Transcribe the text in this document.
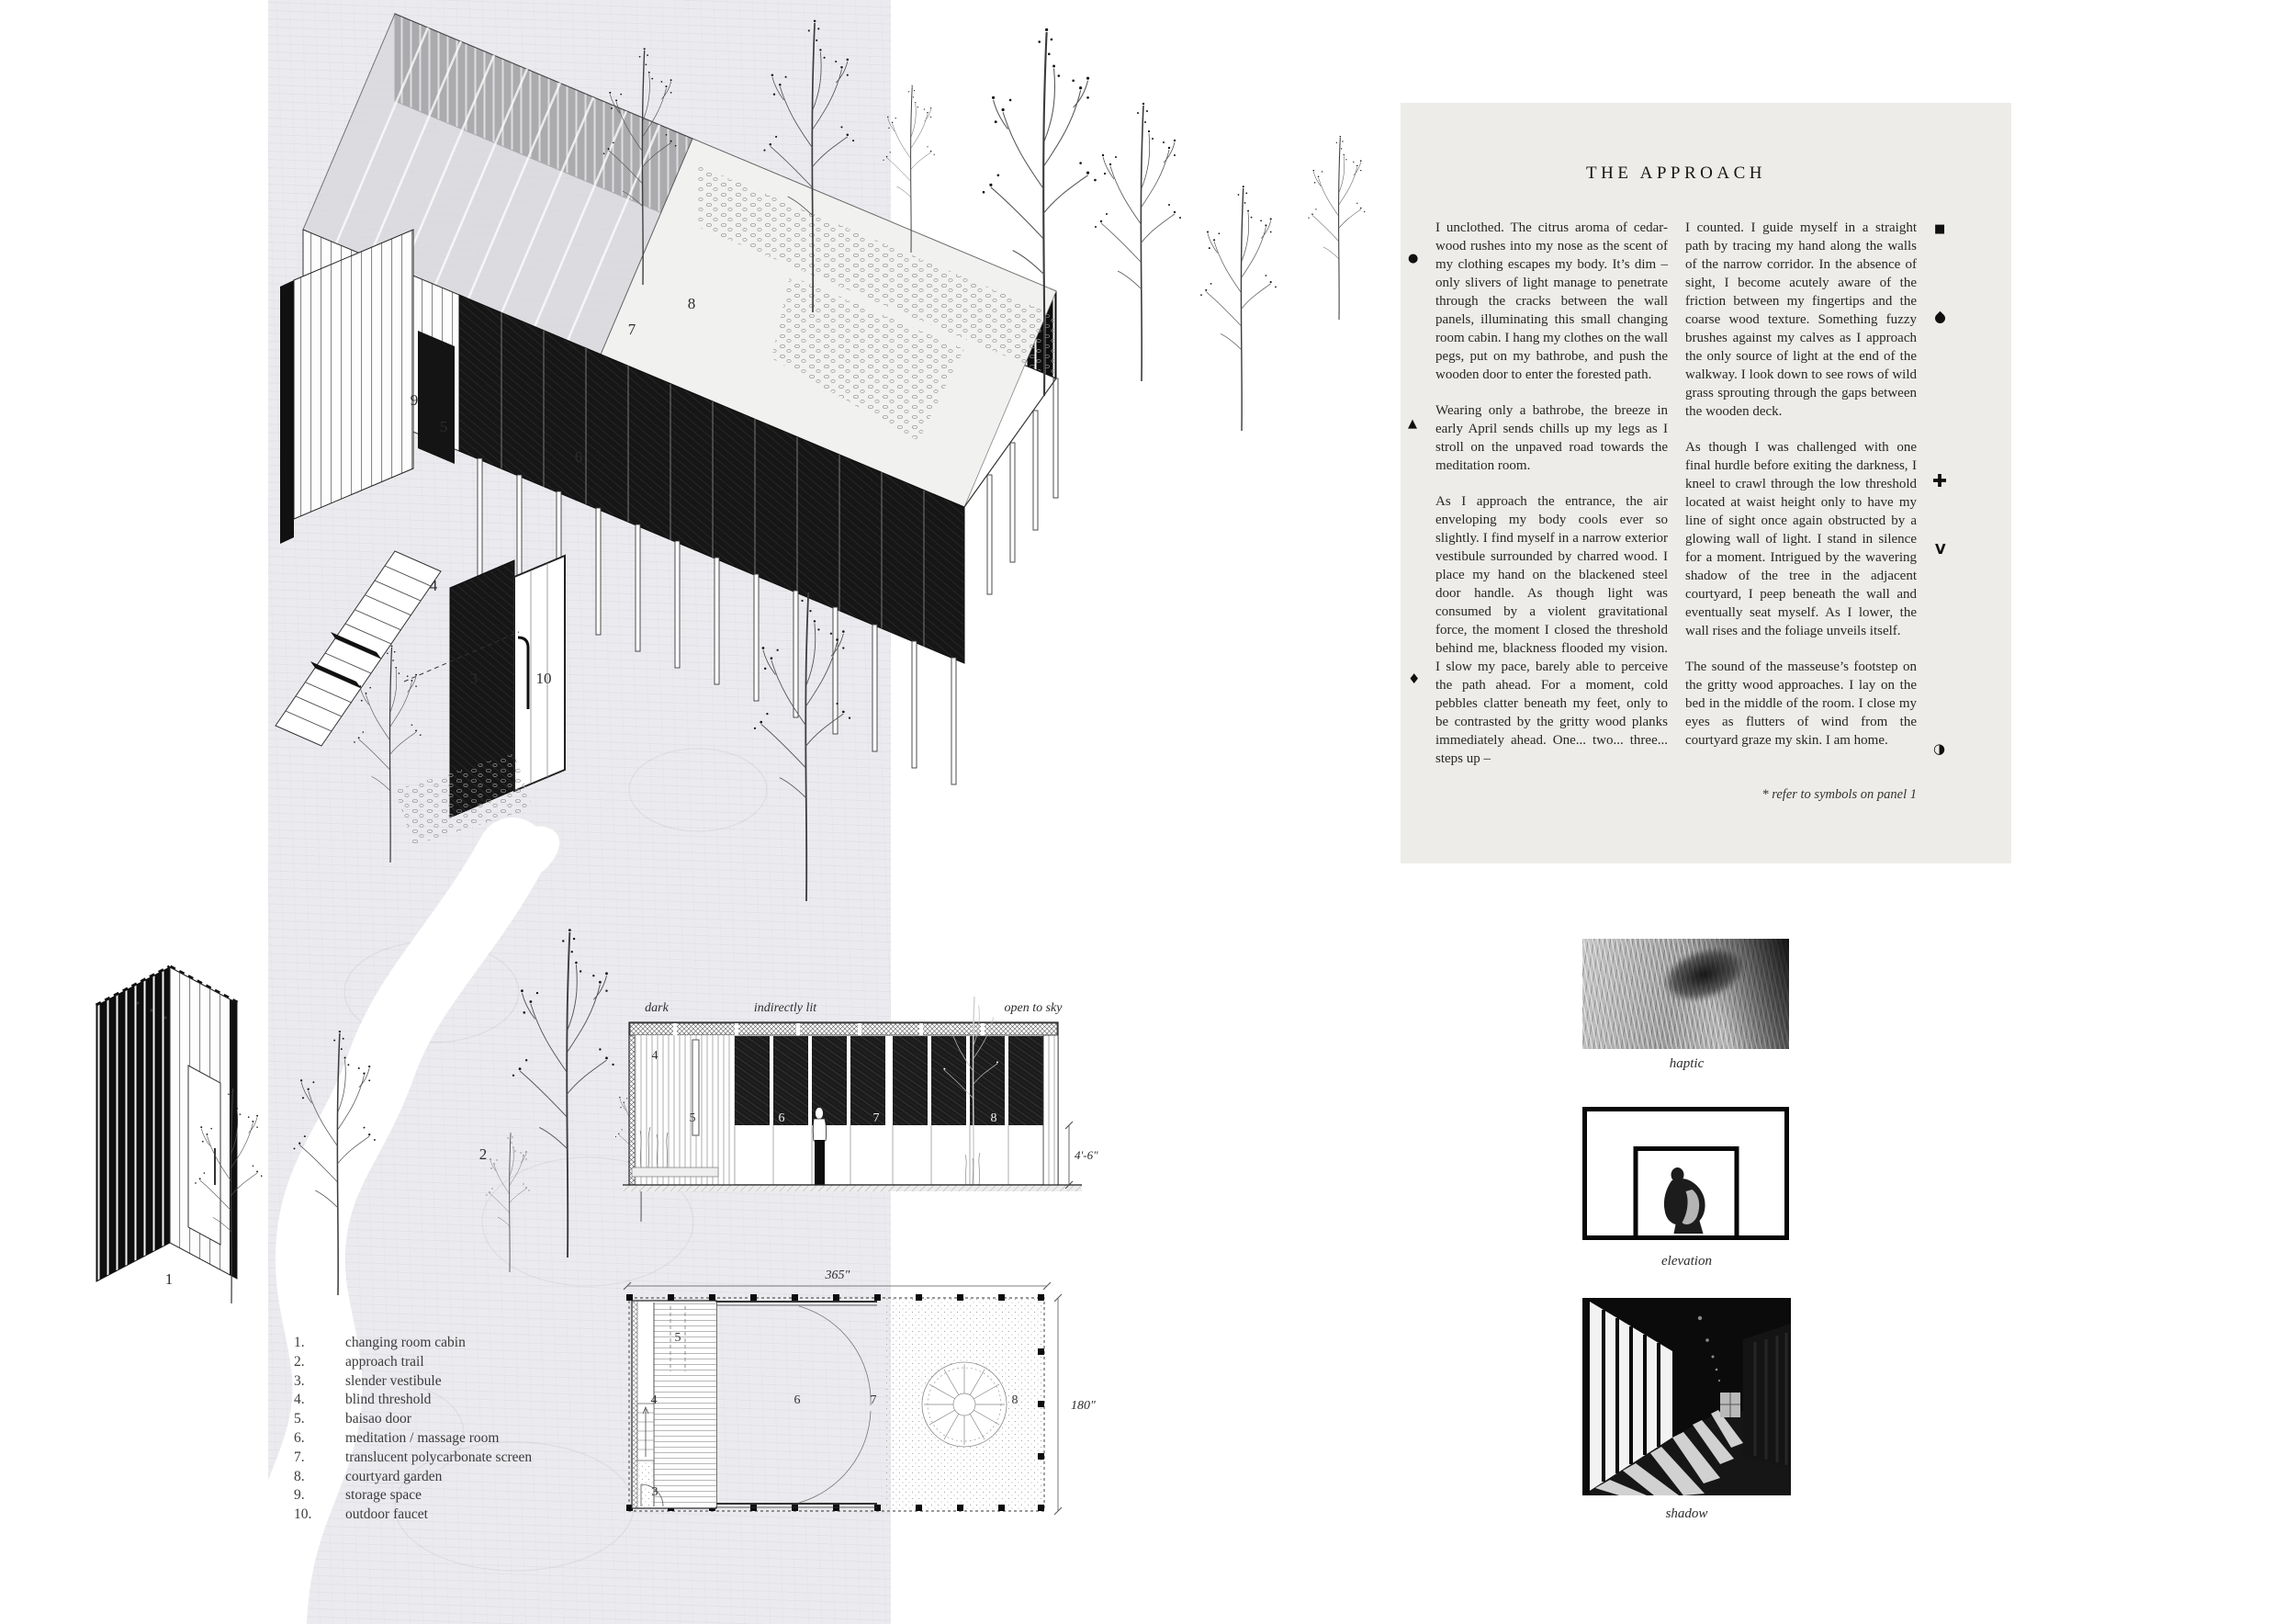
9
5
6
7
8
4
3	10
1
2
dark	indirectly lit	open to sky
4
5	6	7	8
4'-6"
365"
5
4
3
6	7	8	180"
1.	changing room cabin
2.	approach trail
3.	slender vestibule
4.	blind threshold
5.	baisao door
6.	meditation / massage room
7.	translucent polycarbonate screen
8.	courtyard garden
9.	storage space
10.	outdoor faucet
THE APPROACH

I unclothed. The citrus aroma of cedar-wood rushes into my nose as the scent of my clothing escapes my body. It’s dim – only slivers of light manage to penetrate through the cracks between the wall panels, illuminating this small changing room cabin. I hang my clothes on the wall pegs, put on my bathrobe, and push the wooden door to enter the forested path.

Wearing only a bathrobe, the breeze in early April sends chills up my legs as I stroll on the unpaved road towards the meditation room.

As I approach the entrance, the air enveloping my body cools ever so slightly. I find myself in a narrow exterior vestibule surrounded by charred wood. I place my hand on the blackened steel door handle. As though light was consumed by a violent gravitational force, the moment I closed the threshold behind me, blackness flooded my vision. I slow my pace, barely able to perceive the path ahead. For a moment, cold pebbles clatter beneath my feet, only to be contrasted by the gritty wood planks immediately ahead. One... two... three... steps up –

I counted. I guide myself in a straight path by tracing my hand along the walls of the narrow corridor. In the absence of sight, I become acutely aware of the friction between my fingertips and the coarse wood texture. Something fuzzy brushes against my calves as I approach the only source of light at the end of the walkway. I look down to see rows of wild grass sprouting through the gaps between the wooden deck.

As though I was challenged with one final hurdle before exiting the darkness, I kneel to crawl through the low threshold located at waist height only to have my line of sight once again obstructed by a glowing wall of light. I stand in silence for a moment. Intrigued by the wavering shadow of the tree in the adjacent courtyard, I peep beneath the wall and eventually seat myself. As I lower, the wall rises and the foliage unveils itself.

The sound of the masseuse’s footstep on the gritty wood approaches. I lay on the bed in the middle of the room. I close my eyes as flutters of wind from the courtyard graze my skin. I am home.

●
▲
♦
■
V
◑
* refer to symbols on panel 1
haptic
elevation
shadow
